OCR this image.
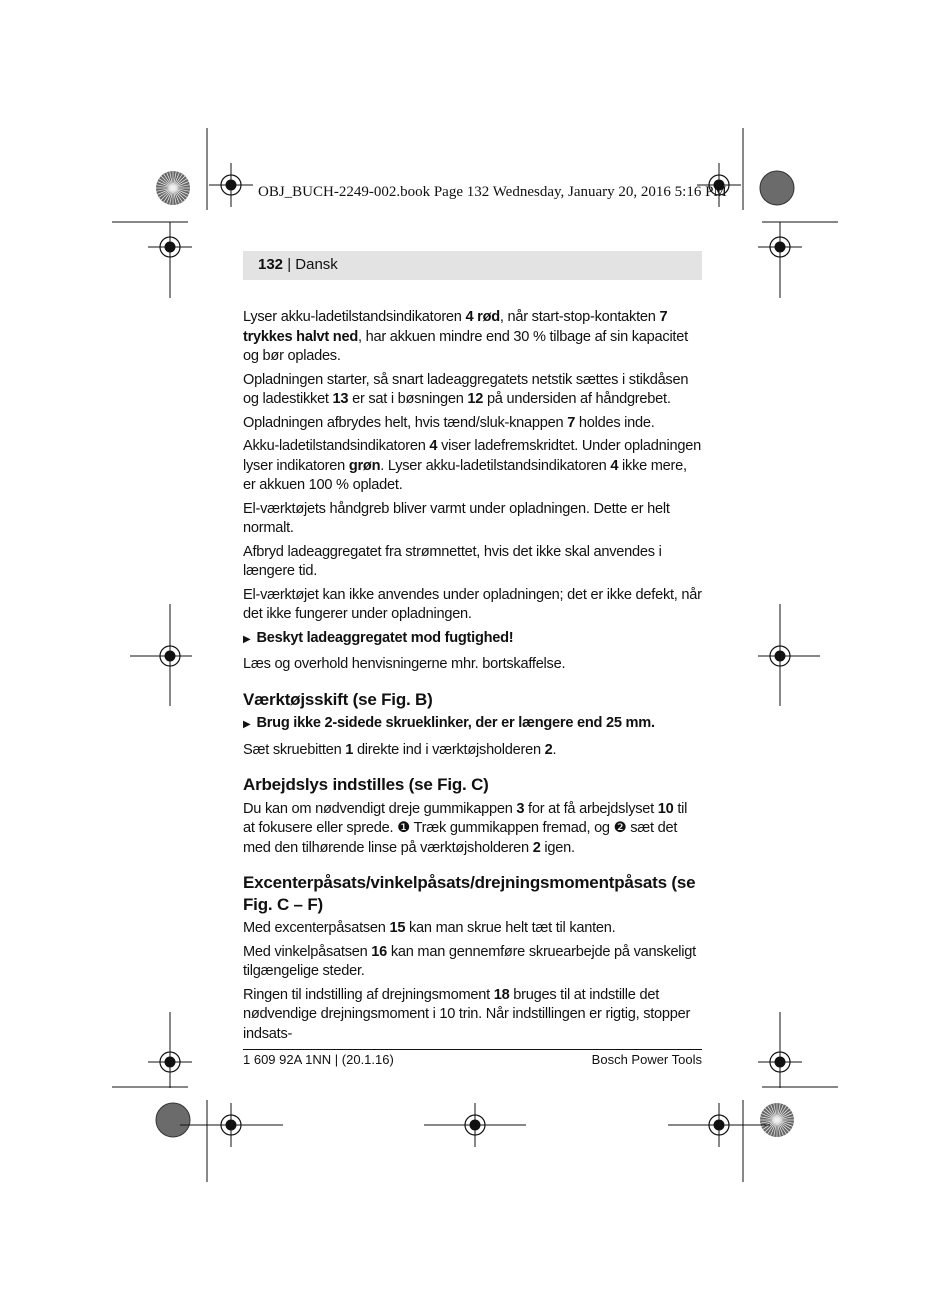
OBJ_BUCH-2249-002.book Page 132 Wednesday, January 20, 2016 5:16 PM
132 | Dansk

Lyser akku-ladetilstandsindikatoren 4 rød, når start-stop-kontakten 7 trykkes halvt ned, har akkuen mindre end 30 % tilbage af sin kapacitet og bør oplades.

Opladningen starter, så snart ladeaggregatets netstik sættes i stikdåsen og ladestikket 13 er sat i bøsningen 12 på undersiden af håndgrebet.

Opladningen afbrydes helt, hvis tænd/sluk-knappen 7 holdes inde.

Akku-ladetilstandsindikatoren 4 viser ladefremskridtet. Under opladningen lyser indikatoren grøn. Lyser akku-ladetilstandsindikatoren 4 ikke mere, er akkuen 100 % opladet.

El-værktøjets håndgreb bliver varmt under opladningen. Dette er helt normalt.

Afbryd ladeaggregatet fra strømnettet, hvis det ikke skal anvendes i længere tid.

El-værktøjet kan ikke anvendes under opladningen; det er ikke defekt, når det ikke fungerer under opladningen.

▶ Beskyt ladeaggregatet mod fugtighed!

Læs og overhold henvisningerne mhr. bortskaffelse.

Værktøjsskift (se Fig. B)
▶ Brug ikke 2-sidede skrueklinker, der er længere end 25 mm.

Sæt skruebitten 1 direkte ind i værktøjsholderen 2.

Arbejdslys indstilles (se Fig. C)

Du kan om nødvendigt dreje gummikappen 3 for at få arbejdslyset 10 til at fokusere eller sprede. ❶ Træk gummikappen fremad, og ❷ sæt det med den tilhørende linse på værktøjsholderen 2 igen.

Excenterpåsats/vinkelpåsats/drejningsmomentpåsats (se Fig. C – F)

Med excenterpåsatsen 15 kan man skrue helt tæt til kanten.

Med vinkelpåsatsen 16 kan man gennemføre skruearbejde på vanskeligt tilgængelige steder.

Ringen til indstilling af drejningsmoment 18 bruges til at indstille det nødvendige drejningsmoment i 10 trin. Når indstillingen er rigtig, stopper indsats-

1 609 92A 1NN | (20.1.16)	Bosch Power Tools
